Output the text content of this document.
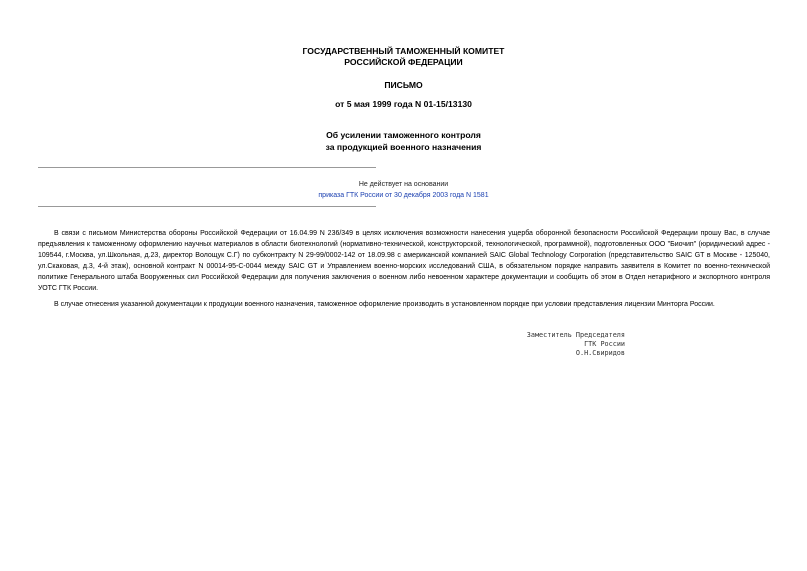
ГОСУДАРСТВЕННЫЙ ТАМОЖЕННЫЙ КОМИТЕТ
РОССИЙСКОЙ ФЕДЕРАЦИИ
ПИСЬМО
от 5 мая 1999 года N 01-15/13130
Об усилении таможенного контроля
за продукцией военного назначения
Не действует на основании
приказа ГТК России от 30 декабря 2003 года N 1581
В связи с письмом Министерства обороны Российской Федерации от 16.04.99 N 236/349 в целях исключения возможности нанесения ущерба оборонной безопасности Российской Федерации прошу Вас, в случае предъявления к таможенному оформлению научных материалов в области биотехнологий (нормативно-технической, конструкторской, технологической, программной), подготовленных ООО "Биочип" (юридический адрес - 109544, г.Москва, ул.Школьная, д.23, директор Волощук С.Г) по субконтракту N 29-99/0002-142 от 18.09.98 с американской компанией SAIC Global Technology Corporation (представительство SAIC GT в Москве - 125040, ул.Скаковая, д.3, 4-й этаж), основной контракт N 00014-95-С-0044 между SAIC GT и Управлением военно-морских исследований США, в обязательном порядке направить заявителя в Комитет по военно-технической политике Генерального штаба Вооруженных сил Российской Федерации для получения заключения о военном либо невоенном характере документации и сообщить об этом в Отдел нетарифного и экспортного контроля УОТС ГТК России.
В случае отнесения указанной документации к продукции военного назначения, таможенное оформление производить в установленном порядке при условии представления лицензии Минторга России.
Заместитель Председателя
ГТК России
О.Н.Свиридов
